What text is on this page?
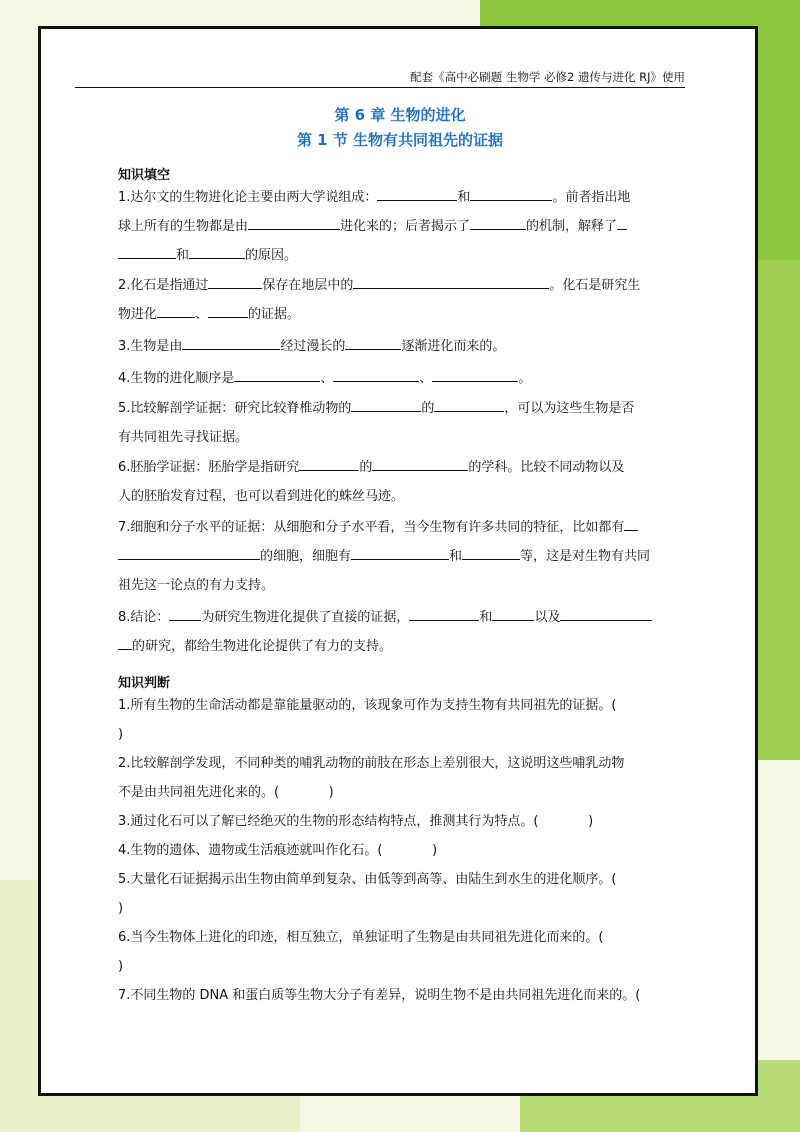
配套《高中必刷题 生物学 必修2 遗传与进化 RJ》使用
第 6 章 生物的进化
第 1 节 生物有共同祖先的证据
知识填空
1.达尔文的生物进化论主要由两大学说组成：	和	。前者指出地
球上所有的生物都是由	进化来的；后者揭示了	的机制，解释了
和	的原因。
2.化石是指通过	保存在地层中的	。化石是研究生
物进化	、	的证据。
3.生物是由	经过漫长的	逐渐进化而来的。
4.生物的进化顺序是	、	、	。
5.比较解剖学证据：研究比较脊椎动物的	的	，可以为这些生物是否
有共同祖先寻找证据。
6.胚胎学证据：胚胎学是指研究	的	的学科。比较不同动物以及
人的胚胎发育过程，也可以看到进化的蛛丝马迹。
7.细胞和分子水平的证据：从细胞和分子水平看，当今生物有许多共同的特征，比如都有
的细胞，细胞有	和	等，这是对生物有共同
祖先这一论点的有力支持。
8.结论： 为研究生物进化提供了直接的证据，	和	以及
的研究，都给生物进化论提供了有力的支持。
知识判断
1.所有生物的生命活动都是靠能量驱动的，该现象可作为支持生物有共同祖先的证据。(
)
2.比较解剖学发现，不同种类的哺乳动物的前肢在形态上差别很大，这说明这些哺乳动物
不是由共同祖先进化来的。(            )
3.通过化石可以了解已经绝灭的生物的形态结构特点，推测其行为特点。(            )
4.生物的遗体、遗物或生活痕迹就叫作化石。(            )
5.大量化石证据揭示出生物由简单到复杂、由低等到高等、由陆生到水生的进化顺序。(
)
6.当今生物体上进化的印迹，相互独立，单独证明了生物是由共同祖先进化而来的。(
)
7.不同生物的 DNA 和蛋白质等生物大分子有差异，说明生物不是由共同祖先进化而来的。(
